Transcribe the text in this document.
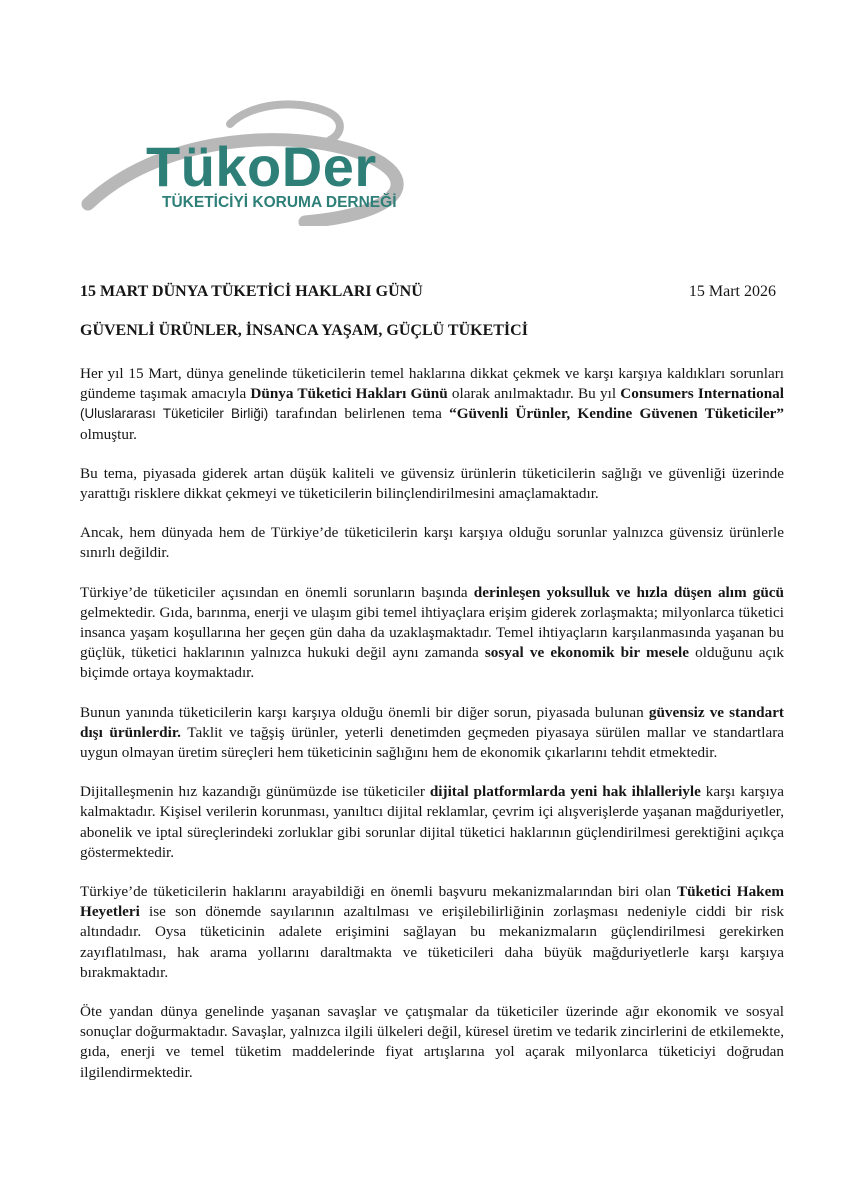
TükoDer
TÜKETİCİYİ KORUMA DERNEĞİ
15 MART DÜNYA TÜKETİCİ HAKLARI GÜNÜ	15 Mart 2026
GÜVENLİ ÜRÜNLER, İNSANCA YAŞAM, GÜÇLÜ TÜKETİCİ

Her yıl 15 Mart, dünya genelinde tüketicilerin temel haklarına dikkat çekmek ve karşı karşıya kaldıkları sorunları gündeme taşımak amacıyla Dünya Tüketici Hakları Günü olarak anılmaktadır. Bu yıl Consumers International (Uluslararası Tüketiciler Birliği) tarafından belirlenen tema “Güvenli Ürünler, Kendine Güvenen Tüketiciler” olmuştur.

Bu tema, piyasada giderek artan düşük kaliteli ve güvensiz ürünlerin tüketicilerin sağlığı ve güvenliği üzerinde yarattığı risklere dikkat çekmeyi ve tüketicilerin bilinçlendirilmesini amaçlamaktadır.

Ancak, hem dünyada hem de Türkiye’de tüketicilerin karşı karşıya olduğu sorunlar yalnızca güvensiz ürünlerle sınırlı değildir.

Türkiye’de tüketiciler açısından en önemli sorunların başında derinleşen yoksulluk ve hızla düşen alım gücü gelmektedir. Gıda, barınma, enerji ve ulaşım gibi temel ihtiyaçlara erişim giderek zorlaşmakta; milyonlarca tüketici insanca yaşam koşullarına her geçen gün daha da uzaklaşmaktadır. Temel ihtiyaçların karşılanmasında yaşanan bu güçlük, tüketici haklarının yalnızca hukuki değil aynı zamanda sosyal ve ekonomik bir mesele olduğunu açık biçimde ortaya koymaktadır.

Bunun yanında tüketicilerin karşı karşıya olduğu önemli bir diğer sorun, piyasada bulunan güvensiz ve standart dışı ürünlerdir. Taklit ve tağşiş ürünler, yeterli denetimden geçmeden piyasaya sürülen mallar ve standartlara uygun olmayan üretim süreçleri hem tüketicinin sağlığını hem de ekonomik çıkarlarını tehdit etmektedir.

Dijitalleşmenin hız kazandığı günümüzde ise tüketiciler dijital platformlarda yeni hak ihlalleriyle karşı karşıya kalmaktadır. Kişisel verilerin korunması, yanıltıcı dijital reklamlar, çevrim içi alışverişlerde yaşanan mağduriyetler, abonelik ve iptal süreçlerindeki zorluklar gibi sorunlar dijital tüketici haklarının güçlendirilmesi gerektiğini açıkça göstermektedir.

Türkiye’de tüketicilerin haklarını arayabildiği en önemli başvuru mekanizmalarından biri olan Tüketici Hakem Heyetleri ise son dönemde sayılarının azaltılması ve erişilebilirliğinin zorlaşması nedeniyle ciddi bir risk altındadır. Oysa tüketicinin adalete erişimini sağlayan bu mekanizmaların güçlendirilmesi gerekirken zayıflatılması, hak arama yollarını daraltmakta ve tüketicileri daha büyük mağduriyetlerle karşı karşıya bırakmaktadır.

Öte yandan dünya genelinde yaşanan savaşlar ve çatışmalar da tüketiciler üzerinde ağır ekonomik ve sosyal sonuçlar doğurmaktadır. Savaşlar, yalnızca ilgili ülkeleri değil, küresel üretim ve tedarik zincirlerini de etkilemekte, gıda, enerji ve temel tüketim maddelerinde fiyat artışlarına yol açarak milyonlarca tüketiciyi doğrudan ilgilendirmektedir.
